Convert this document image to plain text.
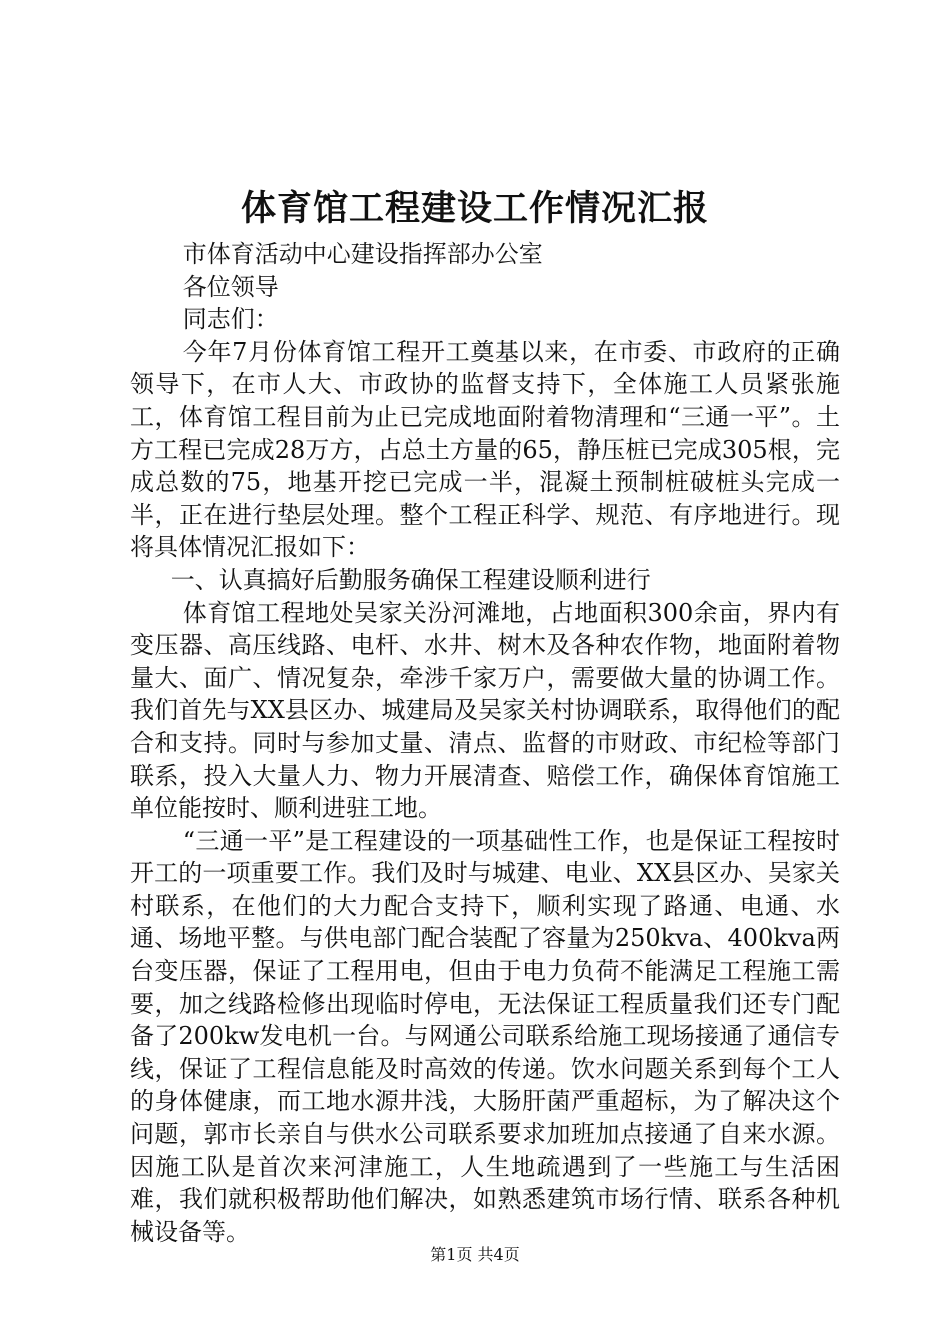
体育馆工程建设工作情况汇报

市体育活动中心建设指挥部办公室

各位领导

同志们：

今年7月份体育馆工程开工奠基以来，在市委、市政府的正确领导下，在市人大、市政协的监督支持下，全体施工人员紧张施工，体育馆工程目前为止已完成地面附着物清理和“三通一平”。土方工程已完成28万方，占总土方量的65，静压桩已完成305根，完成总数的75，地基开挖已完成一半，混凝土预制桩破桩头完成一半，正在进行垫层处理。整个工程正科学、规范、有序地进行。现将具体情况汇报如下：

一、认真搞好后勤服务确保工程建设顺利进行

体育馆工程地处吴家关汾河滩地，占地面积300余亩，界内有变压器、高压线路、电杆、水井、树木及各种农作物，地面附着物量大、面广、情况复杂，牵涉千家万户，需要做大量的协调工作。我们首先与XX县区办、城建局及吴家关村协调联系，取得他们的配合和支持。同时与参加丈量、清点、监督的市财政、市纪检等部门联系，投入大量人力、物力开展清查、赔偿工作，确保体育馆施工单位能按时、顺利进驻工地。

“三通一平”是工程建设的一项基础性工作，也是保证工程按时开工的一项重要工作。我们及时与城建、电业、XX县区办、吴家关村联系，在他们的大力配合支持下，顺利实现了路通、电通、水通、场地平整。与供电部门配合装配了容量为250kva、400kva两台变压器，保证了工程用电，但由于电力负荷不能满足工程施工需要，加之线路检修出现临时停电，无法保证工程质量我们还专门配备了200kw发电机一台。与网通公司联系给施工现场接通了通信专线，保证了工程信息能及时高效的传递。饮水问题关系到每个工人的身体健康，而工地水源井浅，大肠肝菌严重超标，为了解决这个问题，郭市长亲自与供水公司联系要求加班加点接通了自来水源。因施工队是首次来河津施工，人生地疏遇到了一些施工与生活困难，我们就积极帮助他们解决，如熟悉建筑市场行情、联系各种机械设备等。

第1页 共4页
